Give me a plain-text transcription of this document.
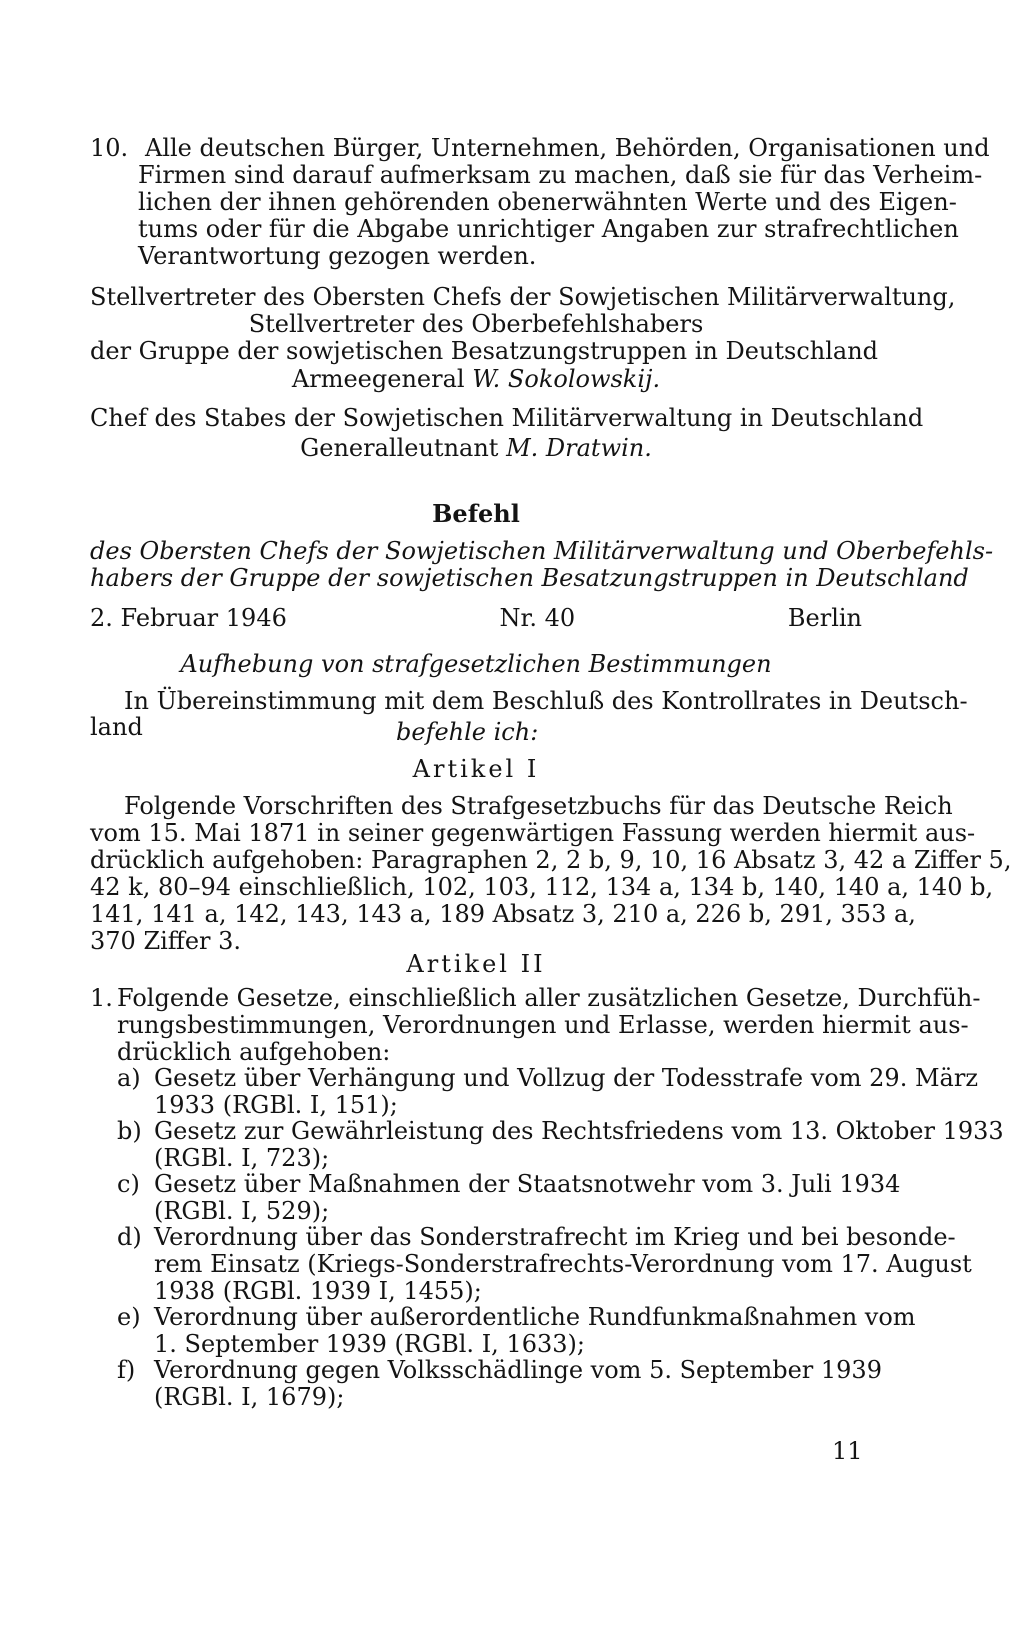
10. Alle deutschen Bürger, Unternehmen, Behörden, Organisationen und
Firmen sind darauf aufmerksam zu machen, daß sie für das Verheim-
lichen der ihnen gehörenden obenerwähnten Werte und des Eigen-
tums oder für die Abgabe unrichtiger Angaben zur strafrechtlichen
Verantwortung gezogen werden.
Stellvertreter des Obersten Chefs der Sowjetischen Militärverwaltung,
Stellvertreter des Oberbefehlshabers
der Gruppe der sowjetischen Besatzungstruppen in Deutschland
Armeegeneral W. Sokolowskij.
Chef des Stabes der Sowjetischen Militärverwaltung in Deutschland
Generalleutnant M. Dratwin.
Befehl
des Obersten Chefs der Sowjetischen Militärverwaltung und Oberbefehls-
habers der Gruppe der sowjetischen Besatzungstruppen in Deutschland
2. Februar 1946	Nr. 40	Berlin
Aufhebung von strafgesetzlichen Bestimmungen
In Übereinstimmung mit dem Beschluß des Kontrollrates in Deutsch-
land	befehle ich:
Artikel I
Folgende Vorschriften des Strafgesetzbuchs für das Deutsche Reich
vom 15. Mai 1871 in seiner gegenwärtigen Fassung werden hiermit aus-
drücklich aufgehoben: Paragraphen 2, 2 b, 9, 10, 16 Absatz 3, 42 a Ziffer 5,
42 k, 80–94 einschließlich, 102, 103, 112, 134 a, 134 b, 140, 140 a, 140 b,
141, 141 a, 142, 143, 143 a, 189 Absatz 3, 210 a, 226 b, 291, 353 a,
370 Ziffer 3.
Artikel II
1. Folgende Gesetze, einschließlich aller zusätzlichen Gesetze, Durchfüh-
rungsbestimmungen, Verordnungen und Erlasse, werden hiermit aus-
drücklich aufgehoben:
a) Gesetz über Verhängung und Vollzug der Todesstrafe vom 29. März
1933 (RGBl. I, 151);
b) Gesetz zur Gewährleistung des Rechtsfriedens vom 13. Oktober 1933
(RGBl. I, 723);
c) Gesetz über Maßnahmen der Staatsnotwehr vom 3. Juli 1934
(RGBl. I, 529);
d) Verordnung über das Sonderstrafrecht im Krieg und bei besonde-
rem Einsatz (Kriegs-Sonderstrafrechts-Verordnung vom 17. August
1938 (RGBl. 1939 I, 1455);
e) Verordnung über außerordentliche Rundfunkmaßnahmen vom
1. September 1939 (RGBl. I, 1633);
f) Verordnung gegen Volksschädlinge vom 5. September 1939
(RGBl. I, 1679);
11
